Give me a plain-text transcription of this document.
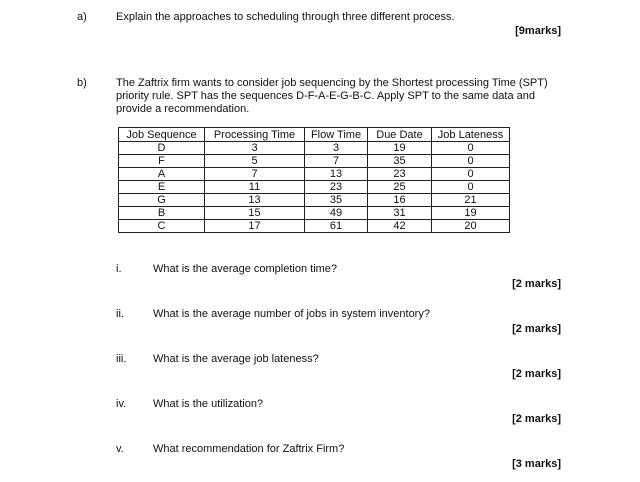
a)	Explain the approaches to scheduling through three different process.
[9marks]
b)	The Zaftrix firm wants to consider job sequencing by the Shortest processing Time (SPT) priority rule. SPT has the sequences D-F-A-E-G-B-C. Apply SPT to the same data and provide a recommendation.
Job Sequence	Processing Time	Flow Time	Due Date	Job Lateness
D	3	3	19	0
F	5	7	35	0
A	7	13	23	0
E	11	23	25	0
G	13	35	16	21
B	15	49	31	19
C	17	61	42	20
i.	What is the average completion time?
[2 marks]
ii.	What is the average number of jobs in system inventory?
[2 marks]
iii. What is the average job lateness?
[2 marks]
iv. What is the utilization?
[2 marks]
v.	What recommendation for Zaftrix Firm?
[3 marks]
